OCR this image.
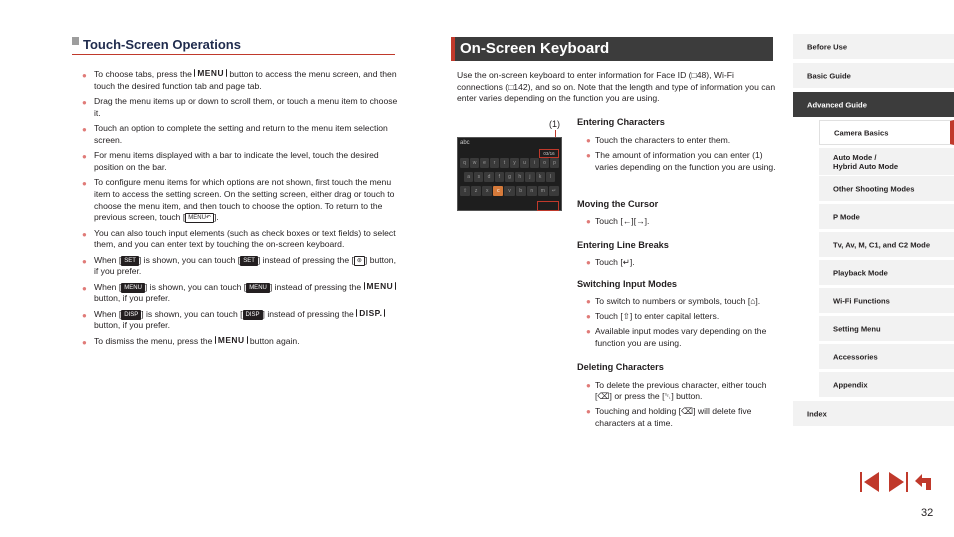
Touch-Screen Operations
● To choose tabs, press the MENU button to access the menu screen, and then touch the desired function tab and page tab.
● Drag the menu items up or down to scroll them, or touch a menu item to choose it.
● Touch an option to complete the setting and return to the menu item selection screen.
● For menu items displayed with a bar to indicate the level, touch the desired position on the bar.
● To configure menu items for which options are not shown, first touch the menu item to access the setting screen. On the setting screen, either drag or touch to choose the menu item, and then touch to choose the option. To return to the previous screen, touch [ MENU↶ ].
● You can also touch input elements (such as check boxes or text fields) to select them, and you can enter text by touching the on-screen keyboard.
● When [ SET ] is shown, you can touch [ SET ] instead of pressing the [ ⊛ ] button, if you prefer.
● When [ MENU ] is shown, you can touch [ MENU ] instead of pressing the MENU button, if you prefer.
● When [ DISP ] is shown, you can touch [ DISP ] instead of pressing the DISP. button, if you prefer.
● To dismiss the menu, press the MENU button again.
On-Screen Keyboard
Use the on-screen keyboard to enter information for Face ID (□48), Wi-Fi connections (□142), and so on. Note that the length and type of information you can enter varies depending on the function you are using.
(1)
abc
03/16
q	w	e	r	t	y	u	i	o	p
a	s	d	f	g	h	j	k	l
⇧	z	x	c	v	b	n	m	↵
Entering Characters
● Touch the characters to enter them.
● The amount of information you can enter (1) varies depending on the function you are using.
Moving the Cursor
● Touch [←][→].
Entering Line Breaks
● Touch [↵].
Switching Input Modes
● To switch to numbers or symbols, touch [⌂].
● Touch [⇧] to enter capital letters.
● Available input modes vary depending on the function you are using.
Deleting Characters
● To delete the previous character, either touch [⌫] or press the [␡] button.
● Touching and holding [⌫] will delete five characters at a time.
Before Use
Basic Guide
Advanced Guide
Camera Basics
Auto Mode /
Hybrid Auto Mode
Other Shooting Modes
P Mode
Tv, Av, M, C1, and C2 Mode
Playback Mode
Wi-Fi Functions
Setting Menu
Accessories
Appendix
Index
32
